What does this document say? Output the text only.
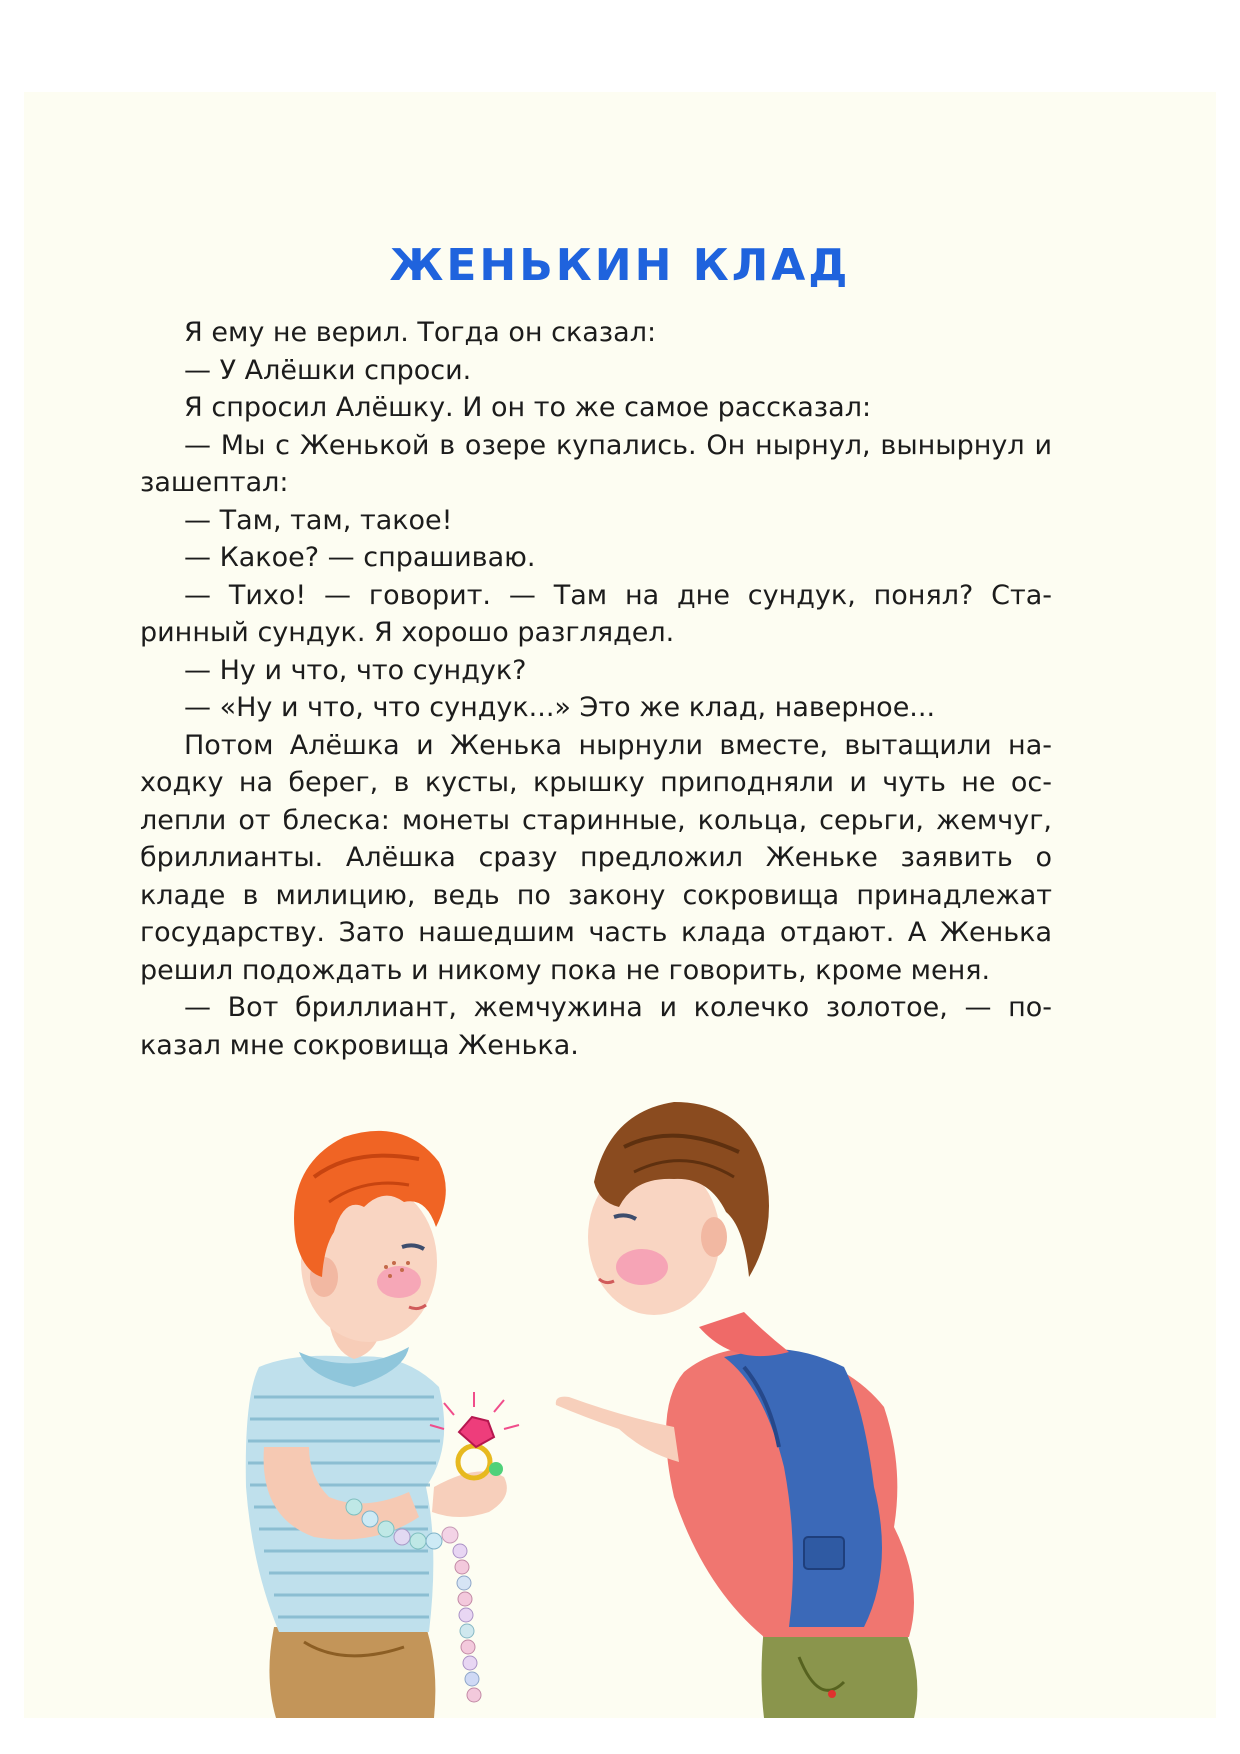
ЖЕНЬКИН КЛАД

Я ему не верил. Тогда он сказал:

— У Алёшки спроси.

Я спросил Алёшку. И он то же самое рассказал:

— Мы с Женькой в озере купались. Он нырнул, вынырнул и зашептал:

— Там, там, такое!

— Какое? — спрашиваю.

— Тихо! — говорит. — Там на дне сундук, понял? Старинный сундук. Я хорошо разглядел.

— Ну и что, что сундук?

— «Ну и что, что сундук...» Это же клад, наверное...

Потом Алёшка и Женька нырнули вместе, вытащили находку на берег, в кусты, крышку приподняли и чуть не ослепли от блеска: монеты старинные, кольца, серьги, жемчуг, бриллианты. Алёшка сразу предложил Женьке заявить о кладе в милицию, ведь по закону сокровища принадлежат государству. Зато нашедшим часть клада отдают. А Женька решил подождать и никому пока не говорить, кроме меня.

— Вот бриллиант, жемчужина и колечко золотое, — показал мне сокровища Женька.
